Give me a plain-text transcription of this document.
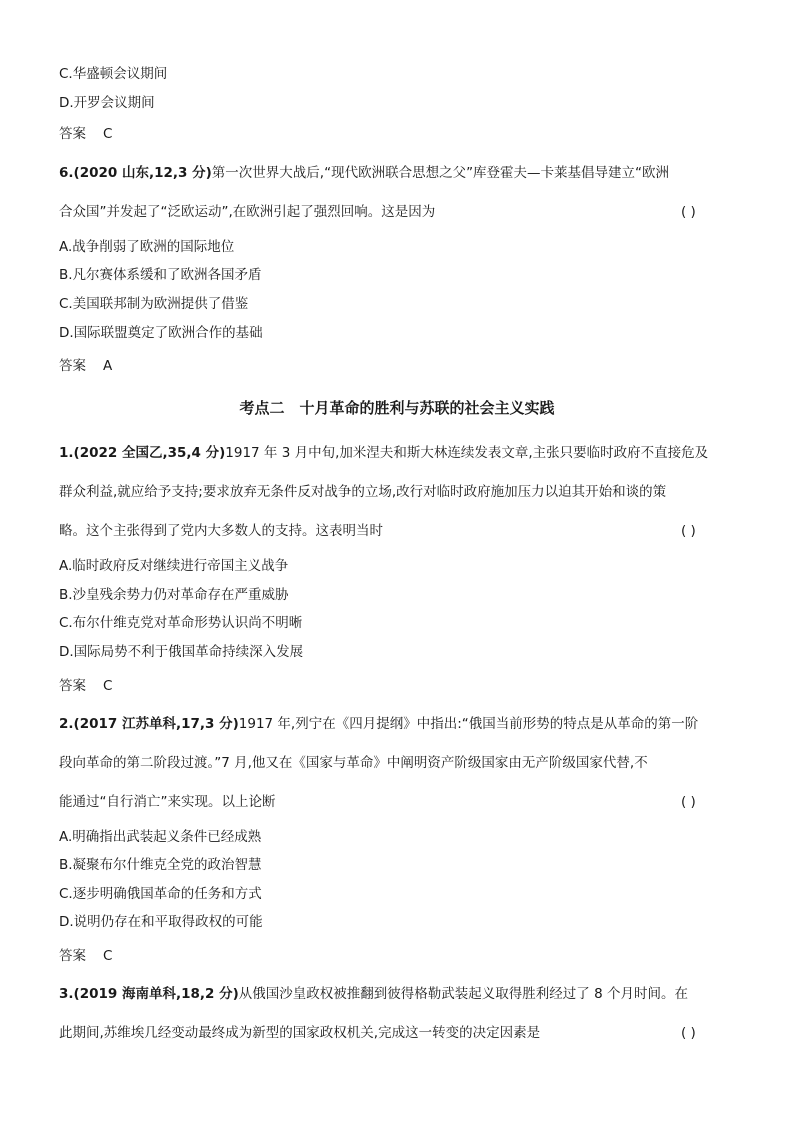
C.华盛顿会议期间
D.开罗会议期间
答案 C
6.(2020 山东,12,3 分)第一次世界大战后,“现代欧洲联合思想之父”库登霍夫—卡莱基倡导建立“欧洲
合众国”并发起了“泛欧运动”,在欧洲引起了强烈回响。这是因为	( )
A.战争削弱了欧洲的国际地位
B.凡尔赛体系缓和了欧洲各国矛盾
C.美国联邦制为欧洲提供了借鉴
D.国际联盟奠定了欧洲合作的基础
答案 A
考点二　十月革命的胜利与苏联的社会主义实践
1.(2022 全国乙,35,4 分)1917 年 3 月中旬,加米涅夫和斯大林连续发表文章,主张只要临时政府不直接危及
群众利益,就应给予支持;要求放弃无条件反对战争的立场,改行对临时政府施加压力以迫其开始和谈的策
略。这个主张得到了党内大多数人的支持。这表明当时	( )
A.临时政府反对继续进行帝国主义战争
B.沙皇残余势力仍对革命存在严重威胁
C.布尔什维克党对革命形势认识尚不明晰
D.国际局势不利于俄国革命持续深入发展
答案 C
2.(2017 江苏单科,17,3 分)1917 年,列宁在《四月提纲》中指出:“俄国当前形势的特点是从革命的第一阶
段向革命的第二阶段过渡。”7 月,他又在《国家与革命》中阐明资产阶级国家由无产阶级国家代替,不
能通过“自行消亡”来实现。以上论断	( )
A.明确指出武装起义条件已经成熟
B.凝聚布尔什维克全党的政治智慧
C.逐步明确俄国革命的任务和方式
D.说明仍存在和平取得政权的可能
答案 C
3.(2019 海南单科,18,2 分)从俄国沙皇政权被推翻到彼得格勒武装起义取得胜利经过了 8 个月时间。在
此期间,苏维埃几经变动最终成为新型的国家政权机关,完成这一转变的决定因素是	( )
